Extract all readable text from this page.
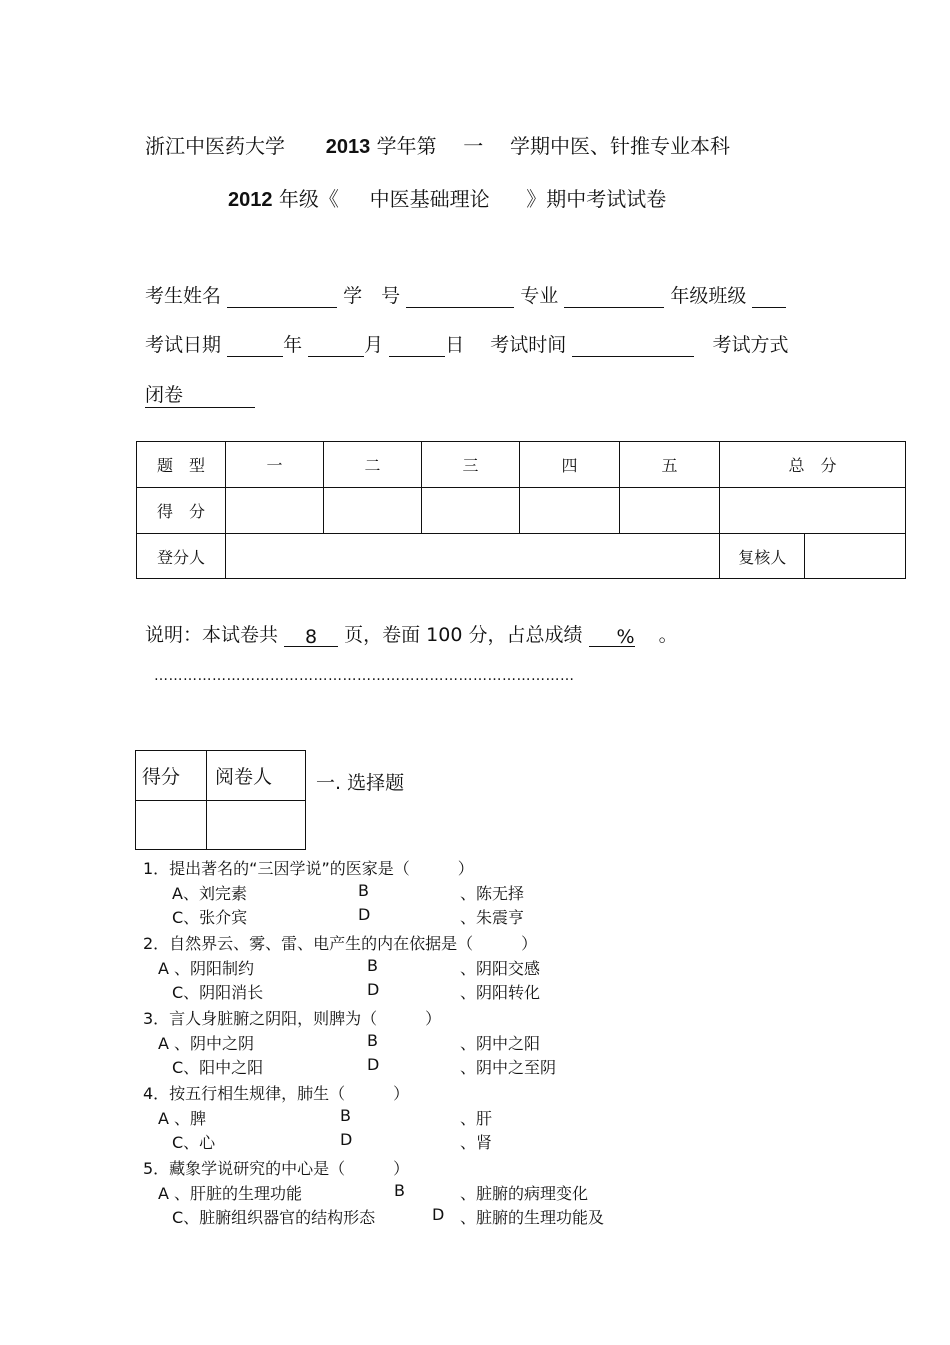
浙江中医药大学 2013 学年第 一 学期中医、针推专业本科
2012 年级《 中医基础理论 》期中考试试卷
考生姓名	学　号	专业	年级班级
考试日期	年	月	日 考试时间	考试方式
闭卷
题　型	一	二	三	四	五	总　分	
得　分							
登分人						复核人	
说明：本试卷共 8 页，卷面 100 分，占总成绩 % 。
……………………………………………………………………………
得分	阅卷人
	一. 选择题
1．提出著名的“三因学说”的医家是（　　　）
A、刘完素	B	、陈无择
C、张介宾	D	、朱震亨
2．自然界云、雾、雷、电产生的内在依据是（　　　）
A 、阴阳制约	B	、阴阳交感
C、阴阳消长	D	、阴阳转化
3．言人身脏腑之阴阳，则脾为（　　　）
A 、阴中之阴	B	、阴中之阳
C、阳中之阳	D	、阴中之至阴
4．按五行相生规律，肺生（　　　）
A 、脾	B	、肝
C、心	D	、肾
5．藏象学说研究的中心是（　　　）
A 、肝脏的生理功能	B	、脏腑的病理变化
C、脏腑组织器官的结构形态	D 、脏腑的生理功能及
